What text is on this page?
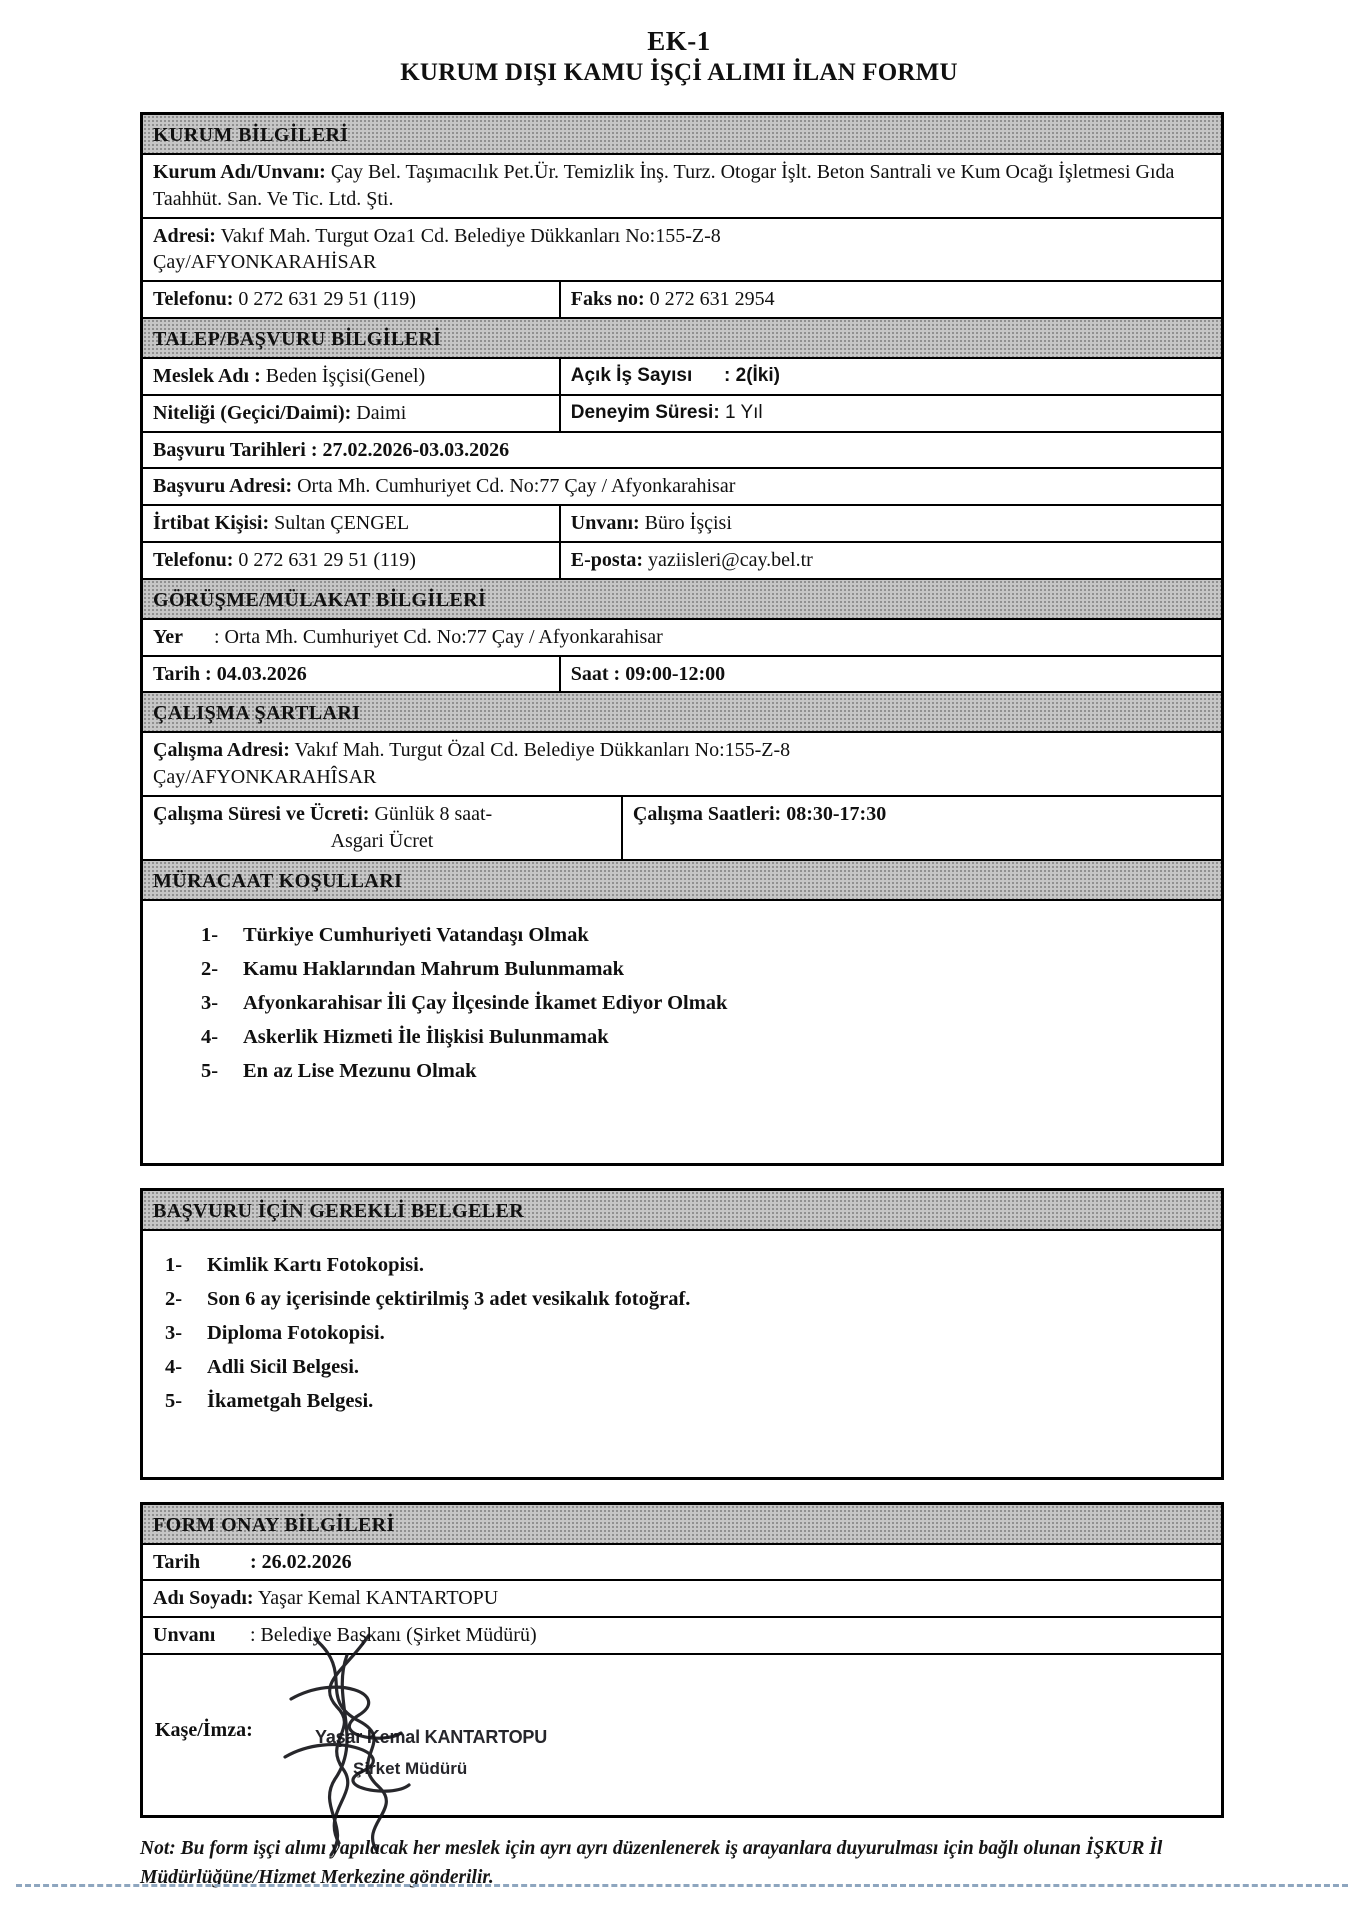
EK-1
KURUM DIŞI KAMU İŞÇİ ALIMI İLAN FORMU
KURUM BİLGİLERİ
Kurum Adı/Unvanı: Çay Bel. Taşımacılık Pet.Ür. Temizlik İnş. Turz. Otogar İşlt. Beton Santrali ve Kum Ocağı İşletmesi Gıda Taahhüt. San. Ve Tic. Ltd. Şti.
Adresi: Vakıf Mah. Turgut Oza1 Cd. Belediye Dükkanları No:155-Z-8
Çay/AFYONKARAHİSAR
Telefonu: 0 272 631 29 51 (119)	Faks no: 0 272 631 2954
TALEP/BAŞVURU BİLGİLERİ
Meslek Adı : Beden İşçisi(Genel)	Açık İş Sayısı : 2(İki)
Niteliği (Geçici/Daimi): Daimi	Deneyim Süresi: 1 Yıl
Başvuru Tarihleri : 27.02.2026-03.03.2026
Başvuru Adresi: Orta Mh. Cumhuriyet Cd. No:77 Çay / Afyonkarahisar
İrtibat Kişisi: Sultan ÇENGEL	Unvanı: Büro İşçisi
Telefonu: 0 272 631 29 51 (119)	E-posta: yaziisleri@cay.bel.tr
GÖRÜŞME/MÜLAKAT BİLGİLERİ
Yer : Orta Mh. Cumhuriyet Cd. No:77 Çay / Afyonkarahisar
Tarih : 04.03.2026	Saat : 09:00-12:00
ÇALIŞMA ŞARTLARI
Çalışma Adresi: Vakıf Mah. Turgut Özal Cd. Belediye Dükkanları No:155-Z-8
Çay/AFYONKARAHÎSAR
Çalışma Süresi ve Ücreti: Günlük 8 saat-
Asgari Ücret
Çalışma Saatleri: 08:30-17:30
MÜRACAAT KOŞULLARI
1-	Türkiye Cumhuriyeti Vatandaşı Olmak
2-	Kamu Haklarından Mahrum Bulunmamak
3-	Afyonkarahisar İli Çay İlçesinde İkamet Ediyor Olmak
4-	Askerlik Hizmeti İle İlişkisi Bulunmamak
5-	En az Lise Mezunu Olmak
BAŞVURU İÇİN GEREKLİ BELGELER
1-	Kimlik Kartı Fotokopisi.
2-	Son 6 ay içerisinde çektirilmiş 3 adet vesikalık fotoğraf.
3-	Diploma Fotokopisi.
4-	Adli Sicil Belgesi.
5-	İkametgah Belgesi.
FORM ONAY BİLGİLERİ
Tarih : 26.02.2026
Adı Soyadı: Yaşar Kemal KANTARTOPU
Unvanı : Belediye Başkanı (Şirket Müdürü)
Kaşe/İmza:	Yaşar Kemal KANTARTOPU
Şirket Müdürü
Not: Bu form işçi alımı yapılacak her meslek için ayrı ayrı düzenlenerek iş arayanlara duyurulması için bağlı olunan İŞKUR İl Müdürlüğüne/Hizmet Merkezine gönderilir.
